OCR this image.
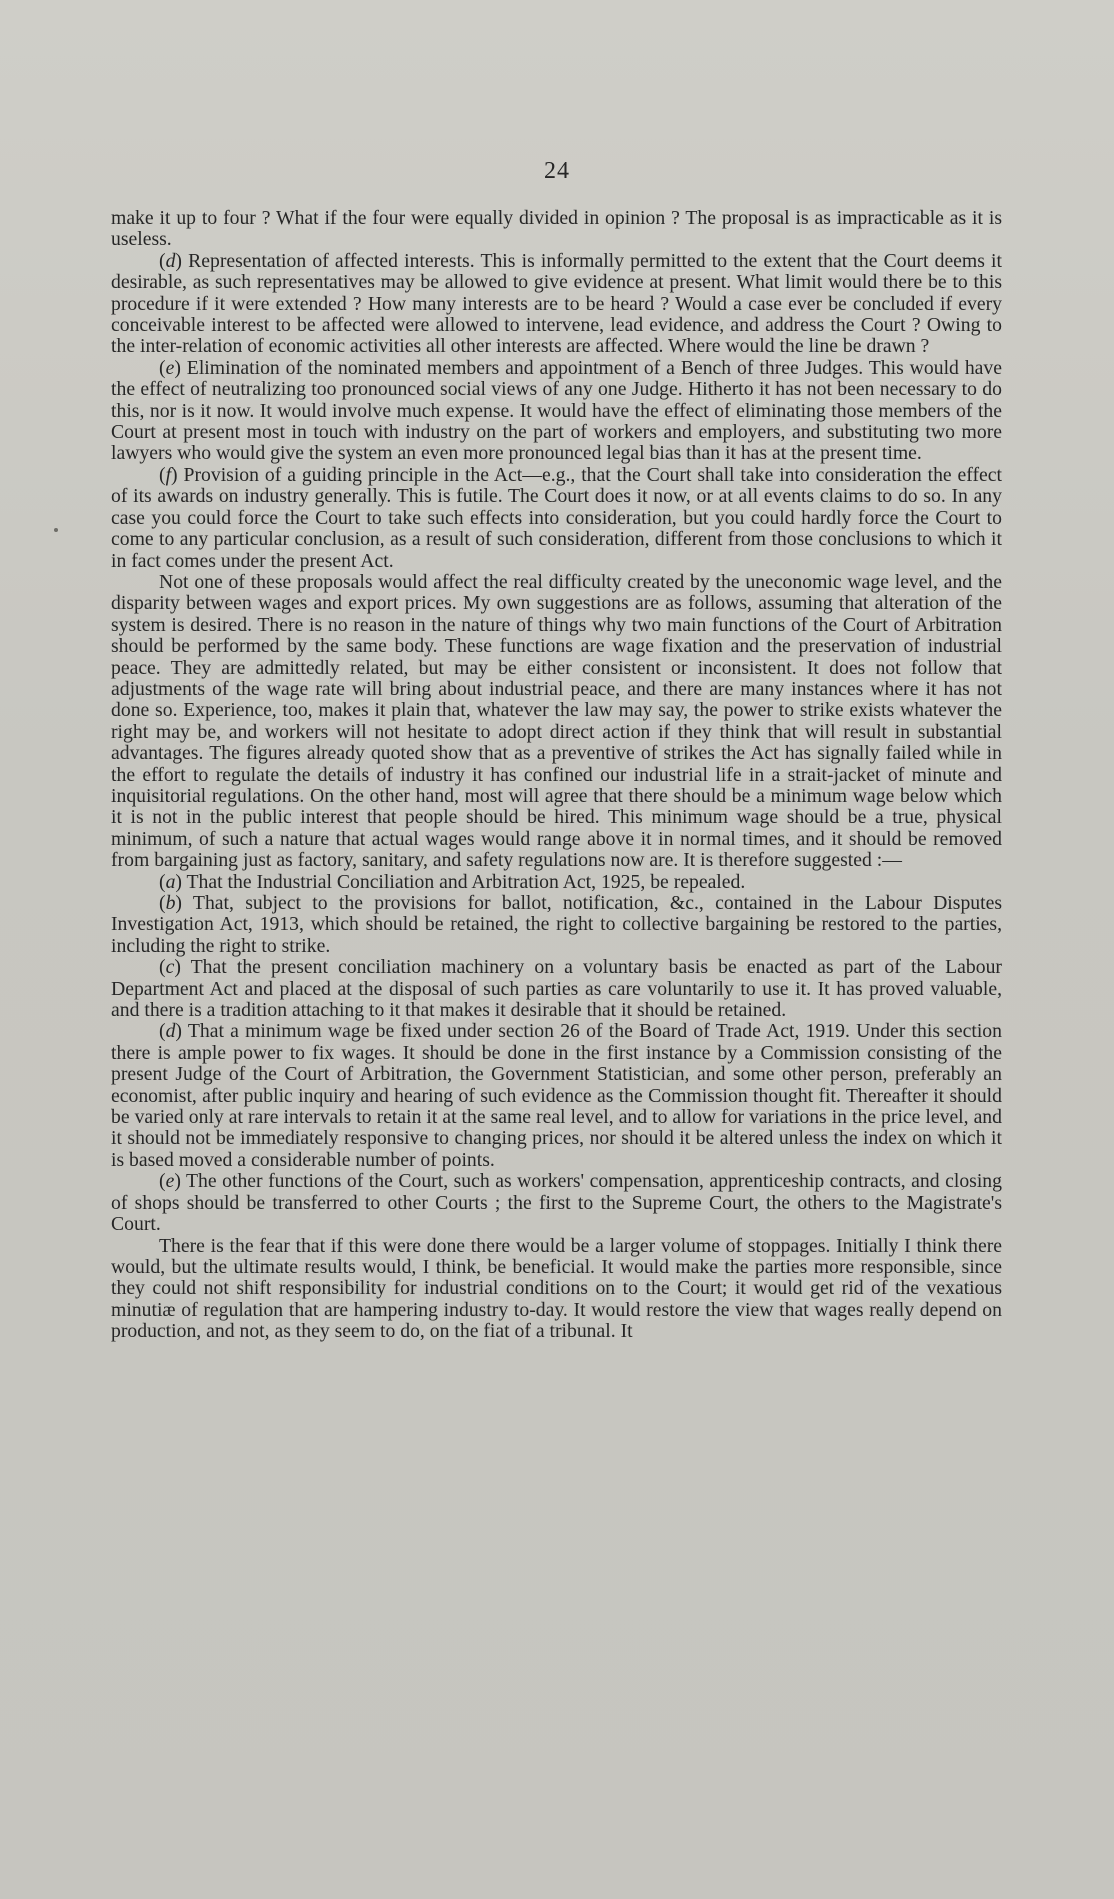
24

make it up to four ? What if the four were equally divided in opinion ? The proposal is as impracticable as it is useless.

(d) Representation of affected interests. This is informally permitted to the extent that the Court deems it desirable, as such representatives may be allowed to give evidence at present. What limit would there be to this procedure if it were extended ? How many interests are to be heard ? Would a case ever be concluded if every conceivable interest to be affected were allowed to intervene, lead evidence, and address the Court ? Owing to the inter-relation of economic activities all other interests are affected. Where would the line be drawn ?

(e) Elimination of the nominated members and appointment of a Bench of three Judges. This would have the effect of neutralizing too pronounced social views of any one Judge. Hitherto it has not been necessary to do this, nor is it now. It would involve much expense. It would have the effect of eliminating those members of the Court at present most in touch with industry on the part of workers and employers, and substituting two more lawyers who would give the system an even more pronounced legal bias than it has at the present time.

(f) Provision of a guiding principle in the Act—e.g., that the Court shall take into consideration the effect of its awards on industry generally. This is futile. The Court does it now, or at all events claims to do so. In any case you could force the Court to take such effects into consideration, but you could hardly force the Court to come to any particular conclusion, as a result of such consideration, different from those conclusions to which it in fact comes under the present Act.

Not one of these proposals would affect the real difficulty created by the uneconomic wage level, and the disparity between wages and export prices. My own suggestions are as follows, assuming that alteration of the system is desired. There is no reason in the nature of things why two main functions of the Court of Arbitration should be performed by the same body. These functions are wage fixation and the preservation of industrial peace. They are admittedly related, but may be either consistent or inconsistent. It does not follow that adjustments of the wage rate will bring about industrial peace, and there are many instances where it has not done so. Experience, too, makes it plain that, whatever the law may say, the power to strike exists whatever the right may be, and workers will not hesitate to adopt direct action if they think that will result in substantial advantages. The figures already quoted show that as a preventive of strikes the Act has signally failed while in the effort to regulate the details of industry it has confined our industrial life in a strait-jacket of minute and inquisitorial regulations. On the other hand, most will agree that there should be a minimum wage below which it is not in the public interest that people should be hired. This minimum wage should be a true, physical minimum, of such a nature that actual wages would range above it in normal times, and it should be removed from bargaining just as factory, sanitary, and safety regulations now are. It is therefore suggested :—

(a) That the Industrial Conciliation and Arbitration Act, 1925, be repealed.

(b) That, subject to the provisions for ballot, notification, &c., contained in the Labour Disputes Investigation Act, 1913, which should be retained, the right to collective bargaining be restored to the parties, including the right to strike.

(c) That the present conciliation machinery on a voluntary basis be enacted as part of the Labour Department Act and placed at the disposal of such parties as care voluntarily to use it. It has proved valuable, and there is a tradition attaching to it that makes it desirable that it should be retained.

(d) That a minimum wage be fixed under section 26 of the Board of Trade Act, 1919. Under this section there is ample power to fix wages. It should be done in the first instance by a Commission consisting of the present Judge of the Court of Arbitration, the Government Statistician, and some other person, preferably an economist, after public inquiry and hearing of such evidence as the Commission thought fit. Thereafter it should be varied only at rare intervals to retain it at the same real level, and to allow for variations in the price level, and it should not be immediately responsive to changing prices, nor should it be altered unless the index on which it is based moved a considerable number of points.

(e) The other functions of the Court, such as workers' compensation, apprenticeship contracts, and closing of shops should be transferred to other Courts ; the first to the Supreme Court, the others to the Magistrate's Court.

There is the fear that if this were done there would be a larger volume of stoppages. Initially I think there would, but the ultimate results would, I think, be beneficial. It would make the parties more responsible, since they could not shift responsibility for industrial conditions on to the Court; it would get rid of the vexatious minutiæ of regulation that are hampering industry to-day. It would restore the view that wages really depend on production, and not, as they seem to do, on the fiat of a tribunal. It
